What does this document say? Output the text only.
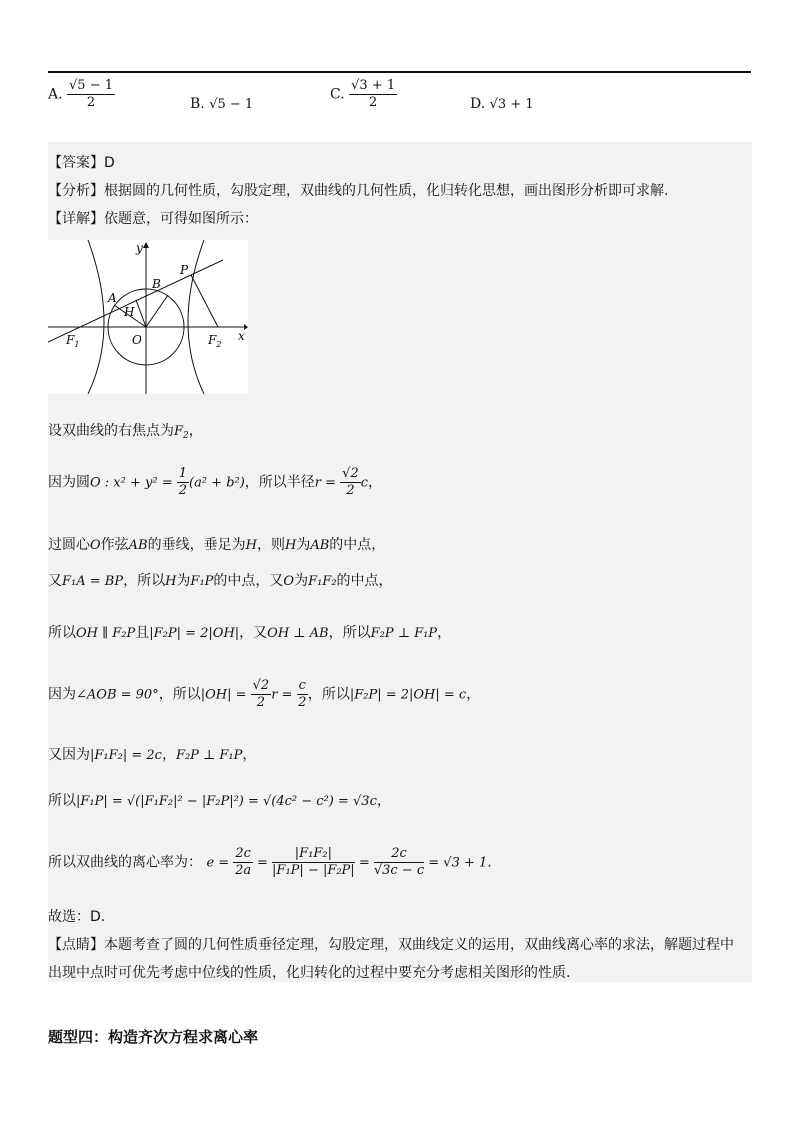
A. $\frac{√5 - 1}{2}$	B. √5 − 1
C. $\frac{√3 + 1}{2}$	D. √3 + 1
【答案】D
【分析】根据圆的几何性质，勾股定理，双曲线的几何性质，化归转化思想，画出图形分析即可求解.
【详解】依题意，可得如图所示：
y
x
P
B
A
H
O
$F_1$	$F_2$
设双曲线的右焦点为$F_2$，
因为圆O : $x^2 + y^2 = \frac{1}{2} (a^2 + b^2)$，所以半径$r = \frac{√2}{2}$ c，
过圆心O作弦AB的垂线，垂足为H，则H为AB的中点，
又F₁A = BP，所以H为F₁P的中点，又O为F₁F₂的中点，
所以OH ∥ F₂P且|F₂P| = 2|OH|，又OH ⊥ AB，所以F₂P ⊥ F₁P，
因为∠AOB = 90°，所以$|OH| = \frac{√2}{2}$ $r = \frac{c}{2}$ ，所以|F₂P| = 2|OH| = c，
又因为|F₁F₂| = 2c，F₂P ⊥ F₁P，
所以|F₁P| = √(|F₁F₂|² − |F₂P|²) = √(4c² − c²) = √3c，
所以双曲线的离心率为： $e = \frac{2c}{2a} = \frac{\text{|F₁F₂|}}{\text{|F₁P| − |F₂P|}} = \frac{2c}{√3c - c} = √3 + 1$.
故选：D.
【点睛】本题考查了圆的几何性质垂径定理，勾股定理，双曲线定义的运用，双曲线离心率的求法，解题过程中
出现中点时可优先考虑中位线的性质，化归转化的过程中要充分考虑相关图形的性质.
题型四：构造齐次方程求离心率
